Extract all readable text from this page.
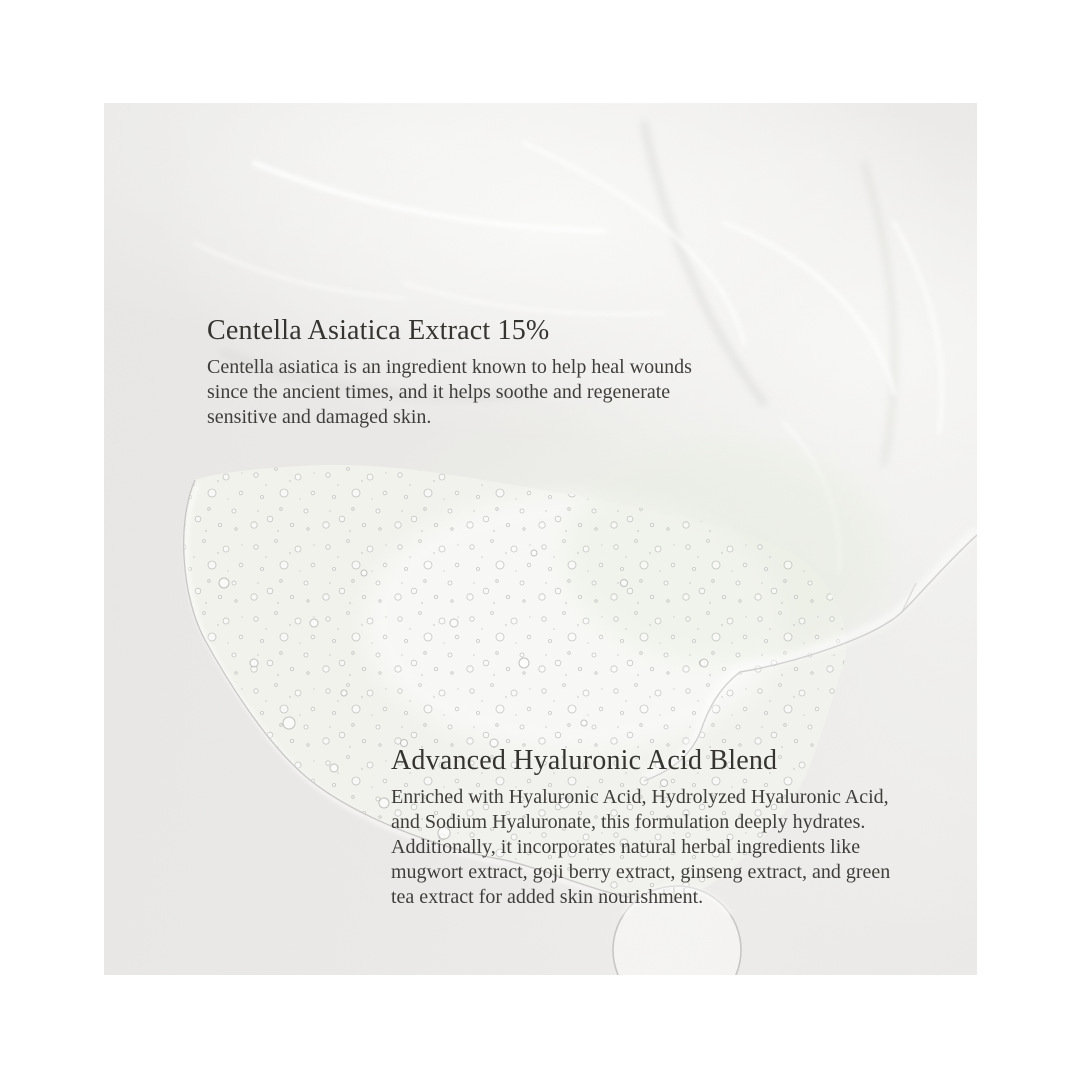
Centella Asiatica Extract 15%
Centella asiatica is an ingredient known to help heal wounds
since the ancient times, and it helps soothe and regenerate
sensitive and damaged skin.
Advanced Hyaluronic Acid Blend
Enriched with Hyaluronic Acid, Hydrolyzed Hyaluronic Acid,
and Sodium Hyaluronate, this formulation deeply hydrates.
Additionally, it incorporates natural herbal ingredients like
mugwort extract, goji berry extract, ginseng extract, and green
tea extract for added skin nourishment.
